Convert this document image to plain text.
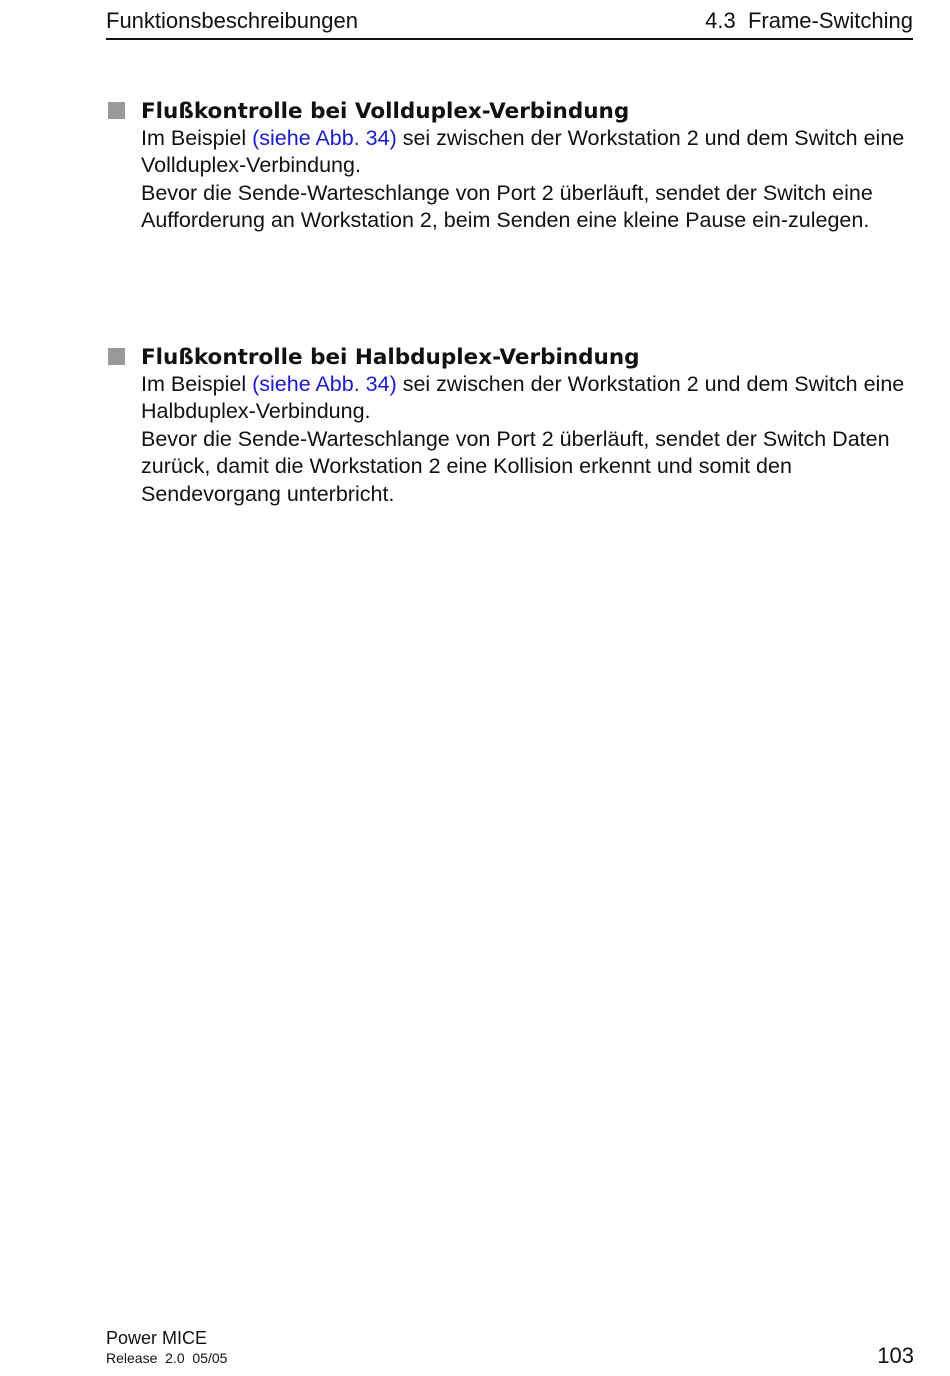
Funktionsbeschreibungen	4.3  Frame-Switching
Flußkontrolle bei Vollduplex-Verbindung

Im Beispiel (siehe Abb. 34) sei zwischen der Workstation 2 und dem Switch eine Vollduplex-Verbindung.

Bevor die Sende-Warteschlange von Port 2 überläuft, sendet der Switch eine Aufforderung an Workstation 2, beim Senden eine kleine Pause ein-zulegen.

Flußkontrolle bei Halbduplex-Verbindung

Im Beispiel (siehe Abb. 34) sei zwischen der Workstation 2 und dem Switch eine Halbduplex-Verbindung.

Bevor die Sende-Warteschlange von Port 2 überläuft, sendet der Switch Daten zurück, damit die Workstation 2 eine Kollision erkennt und somit den Sendevorgang unterbricht.

Power MICE
Release  2.0  05/05	103
